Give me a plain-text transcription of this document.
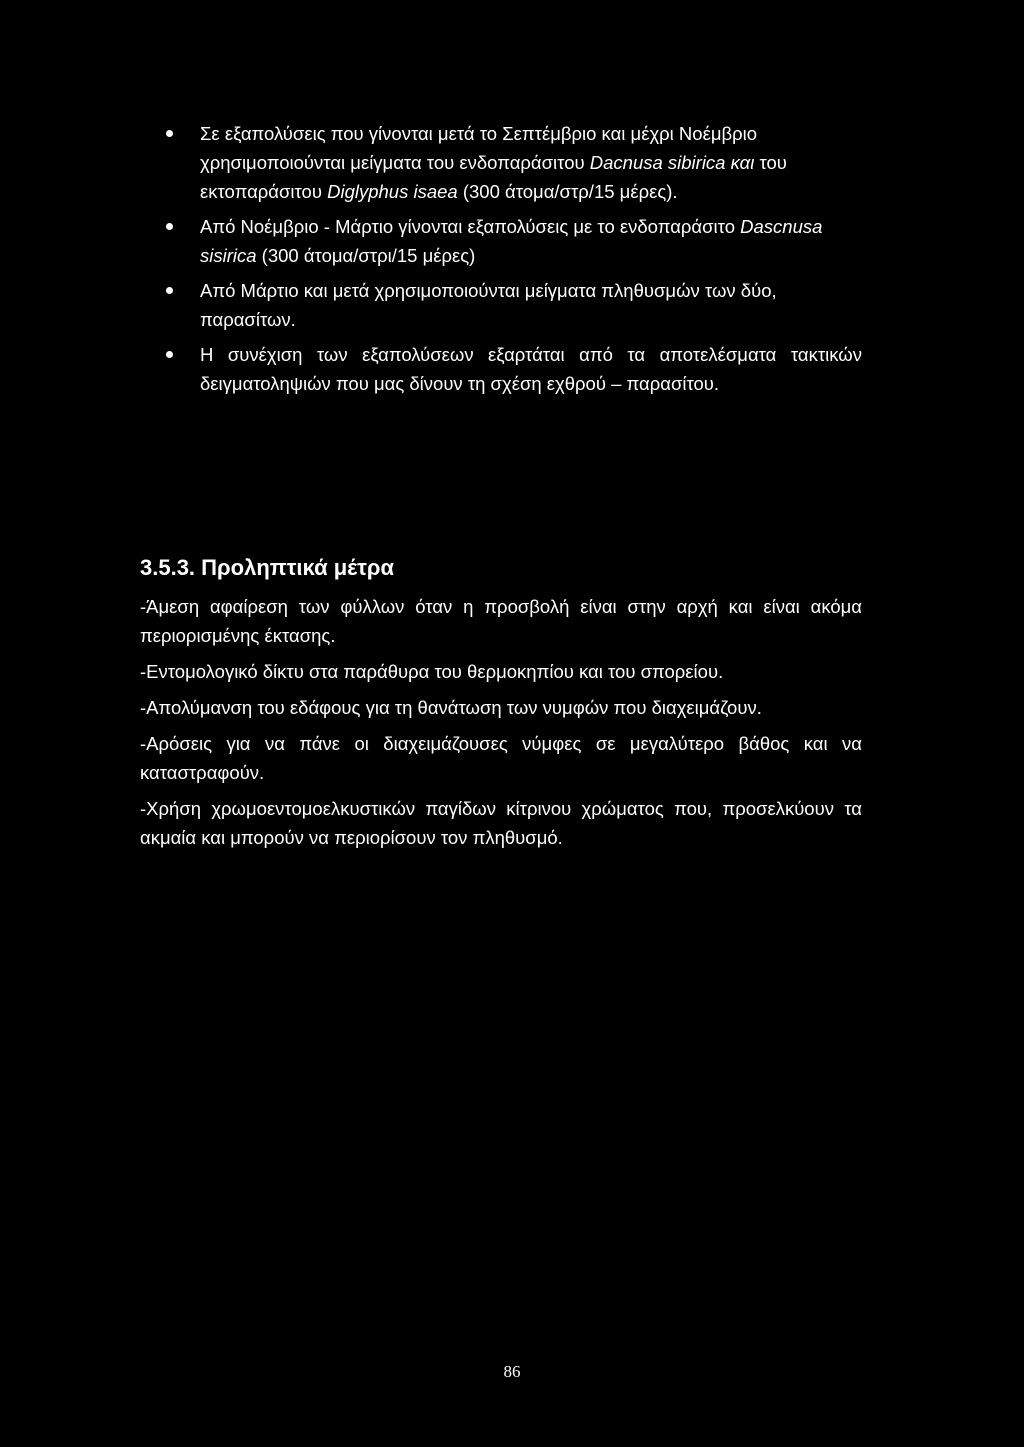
Σε εξαπολύσεις που γίνονται μετά το Σεπτέμβριο και μέχρι Νοέμβριο χρησιμοποιούνται μείγματα του ενδοπαράσιτου Dacnusa sibirica και του εκτοπαράσιτου Diglyphus isaea (300 άτομα/στρ/15 μέρες).
Από Νοέμβριο - Μάρτιο γίνονται εξαπολύσεις με το ενδοπαράσιτο Dascnusa sisirica (300 άτομα/στρι/15 μέρες)
Από Μάρτιο και μετά χρησιμοποιούνται μείγματα πληθυσμών των δύο, παρασίτων.
Η συνέχιση των εξαπολύσεων εξαρτάται από τα αποτελέσματα τακτικών δειγματοληψιών που μας δίνουν τη σχέση εχθρού – παρασίτου.
3.5.3. Προληπτικά μέτρα

-Άμεση αφαίρεση των φύλλων όταν η προσβολή είναι στην αρχή και είναι ακόμα περιορισμένης έκτασης.

-Εντομολογικό δίκτυ στα παράθυρα του θερμοκηπίου και του σπορείου.

-Απολύμανση του εδάφους για τη θανάτωση των νυμφών που διαχειμάζουν.

-Αρόσεις για να πάνε οι διαχειμάζουσες νύμφες σε μεγαλύτερο βάθος και να καταστραφούν.

-Χρήση χρωμοεντομοελκυστικών παγίδων κίτρινου χρώματος που, προσελκύουν τα ακμαία και μπορούν να περιορίσουν τον πληθυσμό.

86
